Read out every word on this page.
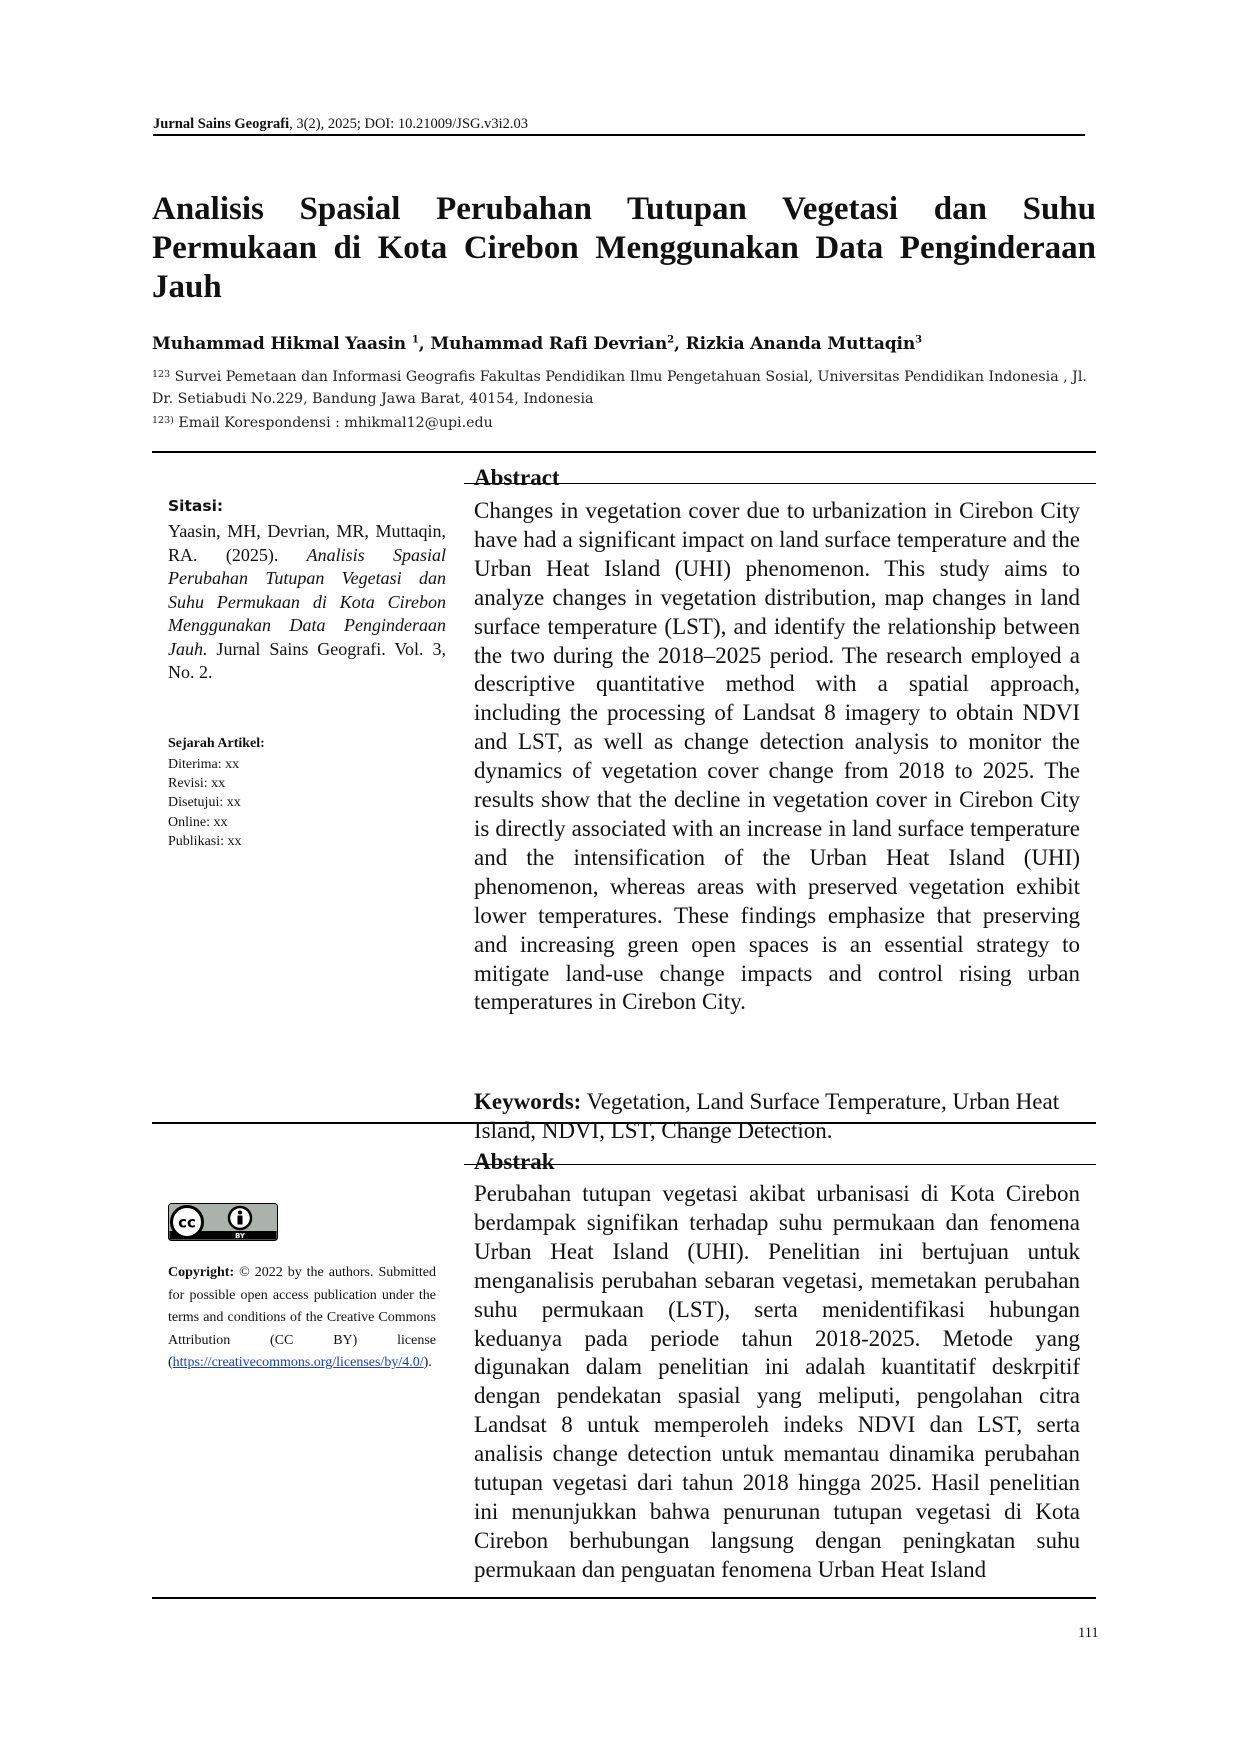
Jurnal Sains Geografi, 3(2), 2025; DOI: 10.21009/JSG.v3i2.03
Analisis Spasial Perubahan Tutupan Vegetasi dan Suhu Permukaan di Kota Cirebon Menggunakan Data Penginderaan Jauh
Muhammad Hikmal Yaasin $^1$, Muhammad Rafi Devrian$^2$, Rizkia Ananda Muttaqin$^3$
$^{123}$ Survei Pemetaan dan Informasi Geografis Fakultas Pendidikan Ilmu Pengetahuan Sosial, Universitas Pendidikan Indonesia , Jl. Dr. Setiabudi No.229, Bandung Jawa Barat, 40154, Indonesia
$^{123)}$ Email Korespondensi : mhikmal12@upi.edu
Sitasi:
Yaasin, MH, Devrian, MR, Muttaqin, RA. (2025). Analisis Spasial Perubahan Tutupan Vegetasi dan Suhu Permukaan di Kota Cirebon Menggunakan Data Penginderaan Jauh. Jurnal Sains Geografi. Vol. 3, No. 2.
Sejarah Artikel:
Diterima: xx
Revisi: xx
Disetujui: xx
Online: xx
Publikasi: xx
cc
BY
Copyright: © 2022 by the authors. Submitted for possible open access publication under the terms and conditions of the Creative Commons Attribution (CC BY) license (https://creativecommons.org/licenses/by/4.0/).
Abstract
Changes in vegetation cover due to urbanization in Cirebon City have had a significant impact on land surface temperature and the Urban Heat Island (UHI) phenomenon. This study aims to analyze changes in vegetation distribution, map changes in land surface temperature (LST), and identify the relationship between the two during the 2018–2025 period. The research employed a descriptive quantitative method with a spatial approach, including the processing of Landsat 8 imagery to obtain NDVI and LST, as well as change detection analysis to monitor the dynamics of vegetation cover change from 2018 to 2025. The results show that the decline in vegetation cover in Cirebon City is directly associated with an increase in land surface temperature and the intensification of the Urban Heat Island (UHI) phenomenon, whereas areas with preserved vegetation exhibit lower temperatures. These findings emphasize that preserving and increasing green open spaces is an essential strategy to mitigate land-use change impacts and control rising urban temperatures in Cirebon City.
Keywords: Vegetation, Land Surface Temperature, Urban Heat Island, NDVI, LST, Change Detection.
Abstrak
Perubahan tutupan vegetasi akibat urbanisasi di Kota Cirebon berdampak signifikan terhadap suhu permukaan dan fenomena Urban Heat Island (UHI). Penelitian ini bertujuan untuk menganalisis perubahan sebaran vegetasi, memetakan perubahan suhu permukaan (LST), serta menidentifikasi hubungan keduanya pada periode tahun 2018-2025. Metode yang digunakan dalam penelitian ini adalah kuantitatif deskrpitif dengan pendekatan spasial yang meliputi, pengolahan citra Landsat 8 untuk memperoleh indeks NDVI dan LST, serta analisis change detection untuk memantau dinamika perubahan tutupan vegetasi dari tahun 2018 hingga 2025. Hasil penelitian ini menunjukkan bahwa penurunan tutupan vegetasi di Kota Cirebon berhubungan langsung dengan peningkatan suhu permukaan dan penguatan fenomena Urban Heat Island
111
